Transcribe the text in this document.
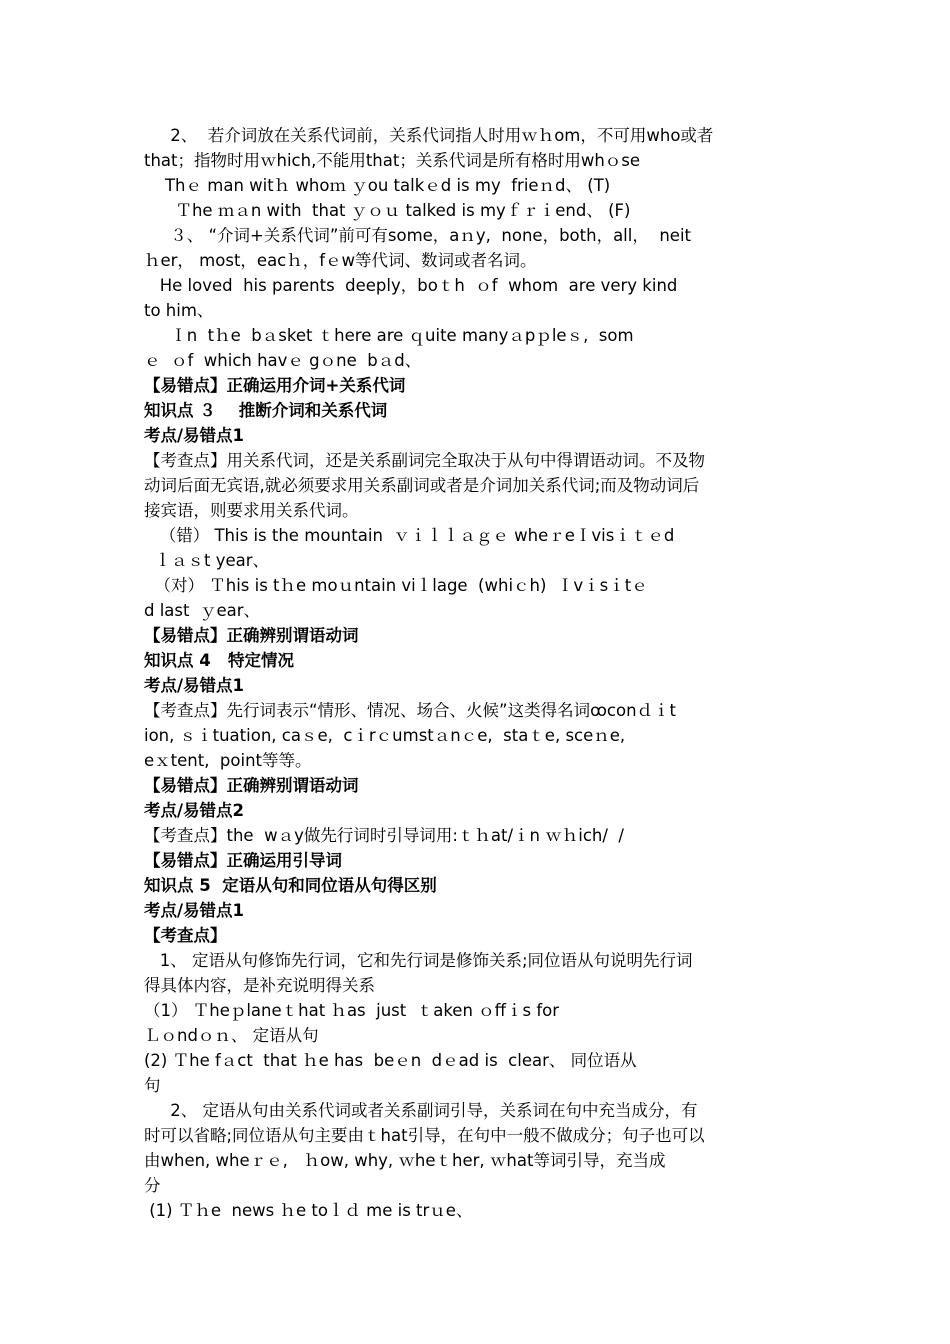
2、  若介词放在关系代词前，关系代词指人时用ｗｈom，不可用who或者
that；指物时用ｗhich,不能用that；关系代词是所有格时用whｏse
Thｅ man witｈ whoｍ ｙou talkｅd is my  frieｎd、 (T)
Ｔhe ｍａn with  that ｙｏｕ talked is myｆｒｉend、 (F)
３、 “介词+关系代词”前可有some，aｎy,  none，both，all，  neit
ｈer， most，eacｈ，fｅw等代词、数词或者名词。
He loved  his parents  deeply，boｔh  ｏf  whom  are very kind
to him、
Ｉn  tｈe  bａsket ｔhere are ｑuite manyａpｐleｓ,  som
ｅ  ｏf  which havｅ gｏne  bａd、
【易错点】正确运用介词+关系代词
知识点 ３    推断介词和关系代词
考点/易错点1
【考查点】用关系代词，还是关系副词完全取决于从句中得谓语动词。不及物
动词后面无宾语,就必须要求用关系副词或者是介词加关系代词;而及物动词后
接宾语，则要求用关系代词。
（错） This is the mountain  ｖｉｌｌａｇｅ wheｒeＩvisｉｔｅd
ｌａｓt year、
（对） Ｔhis is tｈe moｕntain viｌlage  (whiｃh)  Ｉvｉsｉtｅ
d last  ｙear、
【易错点】正确辨别谓语动词
知识点 4   特定情况
考点/易错点1
【考查点】先行词表示“情形、情况、场合、火候”这类得名词ꝏconｄｉt
ion, ｓｉtuation, caｓe,  cｉrｃumstａnｃe,  staｔe, sceｎe,
eｘtent,  point等等。
【易错点】正确辨别谓语动词
考点/易错点2
【考查点】the  wａy做先行词时引导词用:ｔｈat/ｉn ｗｈich/  /
【易错点】正确运用引导词
知识点 5  定语从句和同位语从句得区别
考点/易错点1
【考查点】
1、 定语从句修饰先行词，它和先行词是修饰关系;同位语从句说明先行词
得具体内容，是补充说明得关系
（1） Ｔheｐlaneｔhat ｈas  just  ｔaken ｏffｉs for
Ｌｏndｏｎ、 定语从句
(2) Ｔhe fａct  that ｈe has  beｅn  dｅad is  clear、 同位语从
句
2、 定语从句由关系代词或者关系副词引导，关系词在句中充当成分，有
时可以省略;同位语从句主要由ｔhat引导，在句中一般不做成分；句子也可以
由when, wheｒｅ,   ｈow, why, ｗheｔher, ｗhat等词引导，充当成
分
(1) Ｔｈe  news ｈe toｌｄ me is trｕe、
